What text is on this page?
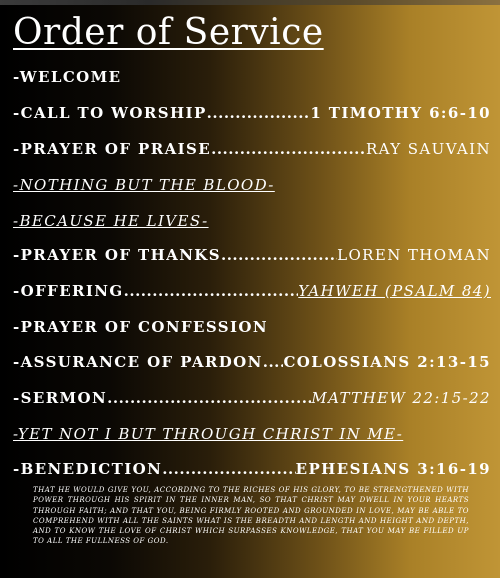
Order of Service
-WELCOME
-CALL TO WORSHIP .....	1 TIMOTHY 6:6-10
-PRAYER OF PRAISE .....	RAY SAUVAIN
-NOTHING BUT THE BLOOD-
-BECAUSE HE LIVES-
-PRAYER OF THANKS .....	LOREN THOMAN
-OFFERING .....	YAHWEH (PSALM 84)
-PRAYER OF CONFESSION
-ASSURANCE OF PARDON ..... COLOSSIANS 2:13-15
-SERMON .....	MATTHEW 22:15-22
-YET NOT I BUT THROUGH CHRIST IN ME-
-BENEDICTION .....	EPHESIANS 3:16-19
THAT HE WOULD GIVE YOU, ACCORDING TO THE RICHES OF HIS GLORY, TO BE STRENGTHENED WITH POWER THROUGH HIS SPIRIT IN THE INNER MAN, SO THAT CHRIST MAY DWELL IN YOUR HEARTS THROUGH FAITH; AND THAT YOU, BEING FIRMLY ROOTED AND GROUNDED IN LOVE, MAY BE ABLE TO COMPREHEND WITH ALL THE SAINTS WHAT IS THE BREADTH AND LENGTH AND HEIGHT AND DEPTH, AND TO KNOW THE LOVE OF CHRIST WHICH SURPASSES KNOWLEDGE, THAT YOU MAY BE FILLED UP TO ALL THE FULLNESS OF GOD.
